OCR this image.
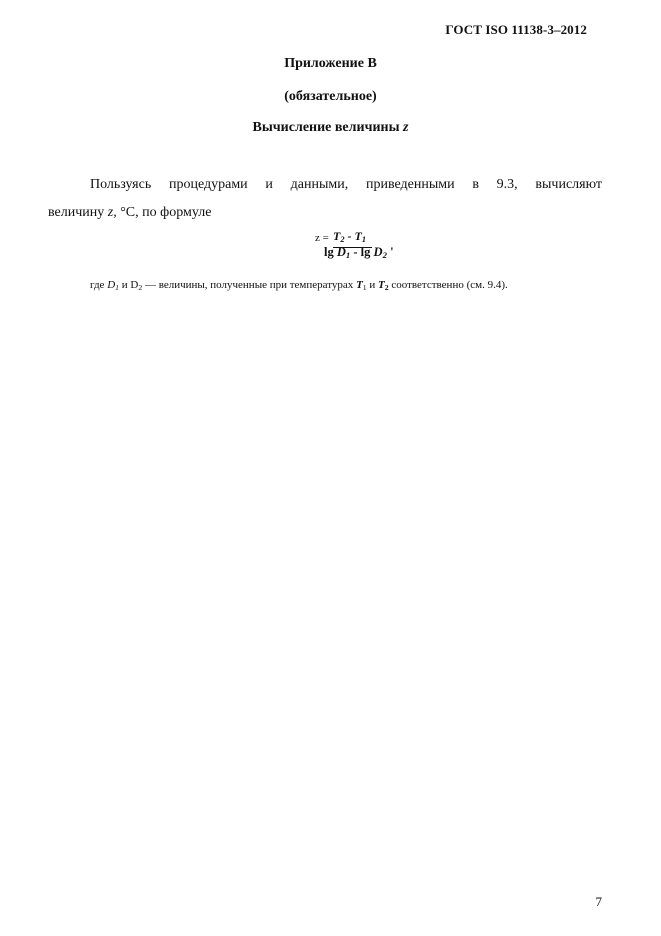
ГОСТ ISO 11138-3–2012
Приложение В
(обязательное)
Вычисление величины z
Пользуясь процедурами и данными, приведенными в 9.3, вычисляют
величину z, °С, по формуле
$z = T_2 - T_1$
$\lg D_1$ - $\lg D_2$ '
где $D_1$ и $D_2$ — величины, полученные при температурах $T_1$ и $T_2$ соответственно (см. 9.4).
7
